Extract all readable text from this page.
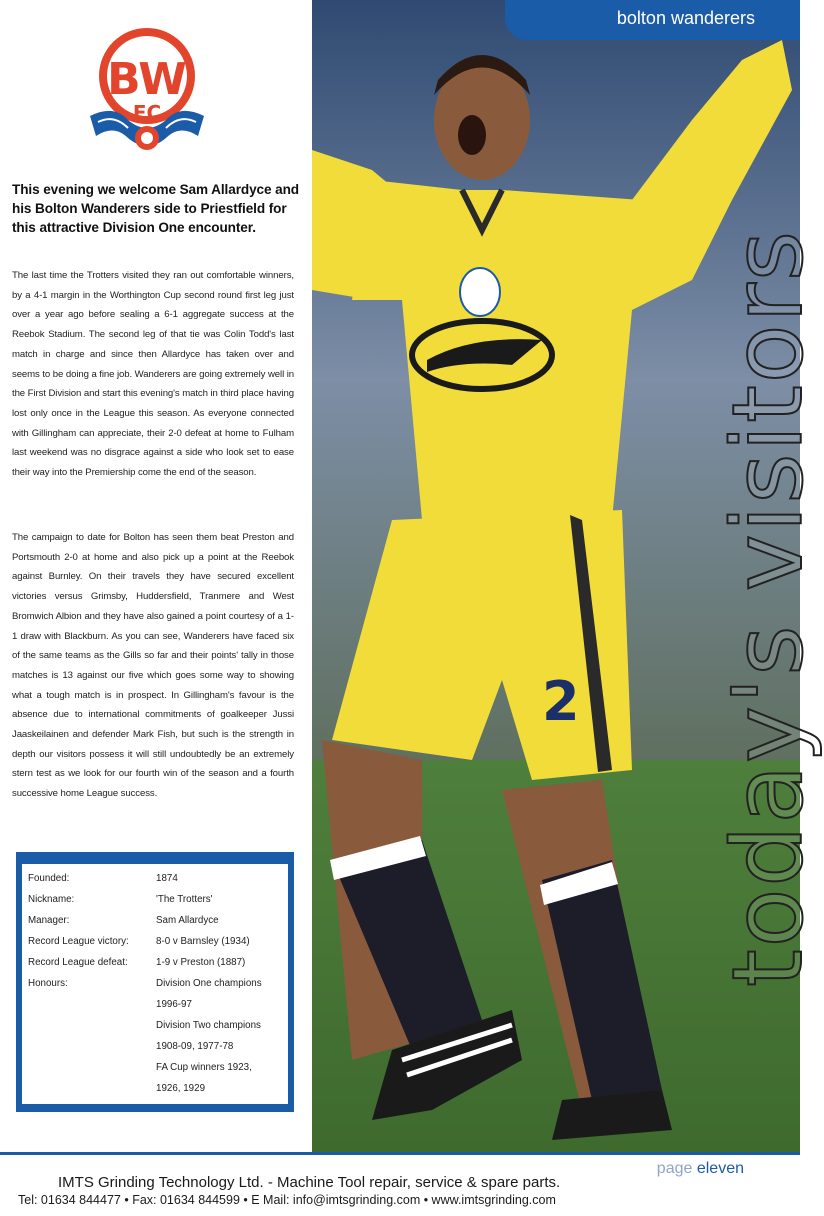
BW
FC

This evening we welcome Sam Allardyce and his Bolton Wanderers side to Priestfield for this attractive Division One encounter.

The last time the Trotters visited they ran out comfortable winners, by a 4-1 margin in the Worthington Cup second round first leg just over a year ago before sealing a 6-1 aggregate success at the Reebok Stadium. The second leg of that tie was Colin Todd's last match in charge and since then Allardyce has taken over and seems to be doing a fine job. Wanderers are going extremely well in the First Division and start this evening's match in third place having lost only once in the League this season. As everyone connected with Gillingham can appreciate, their 2-0 defeat at home to Fulham last weekend was no disgrace against a side who look set to ease their way into the Premiership come the end of the season.

The campaign to date for Bolton has seen them beat Preston and Portsmouth 2-0 at home and also pick up a point at the Reebok against Burnley. On their travels they have secured excellent victories versus Grimsby, Huddersfield, Tranmere and West Bromwich Albion and they have also gained a point courtesy of a 1-1 draw with Blackburn. As you can see, Wanderers have faced six of the same teams as the Gills so far and their points' tally in those matches is 13 against our five which goes some way to showing what a tough match is in prospect. In Gillingham's favour is the absence due to international commitments of goalkeeper Jussi Jaaskeilainen and defender Mark Fish, but such is the strength in depth our visitors possess it will still undoubtedly be an extremely stern test as we look for our fourth win of the season and a fourth successive home League success.

Founded:	1874
Nickname:	'The Trotters'
Manager:	Sam Allardyce
Record League victory:	8-0 v Barnsley (1934)
Record League defeat:	1-9 v Preston (1887)
Honours:	Division One champions
1996-97
Division Two champions
1908-09, 1977-78
FA Cup winners 1923,
1926, 1929
2 today's visitors
bolton wanderers
page eleven
IMTS Grinding Technology Ltd. - Machine Tool repair, service & spare parts.
Tel: 01634 844477 • Fax: 01634 844599 • E Mail: info@imtsgrinding.com • www.imtsgrinding.com
